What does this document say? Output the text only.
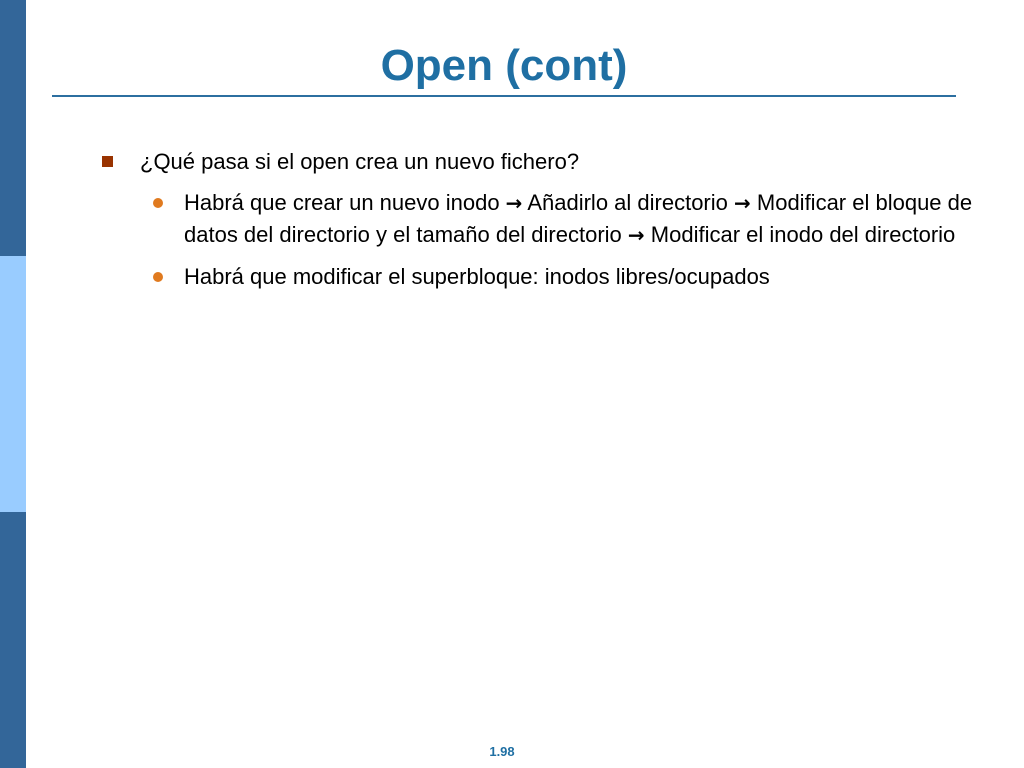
Open (cont)
¿Qué pasa si el open crea un nuevo fichero?
Habrá que crear un nuevo inodo → Añadirlo al directorio → Modificar el bloque de datos del directorio y el tamaño del directorio → Modificar el inodo del directorio
Habrá que modificar el superbloque: inodos libres/ocupados
1.98
